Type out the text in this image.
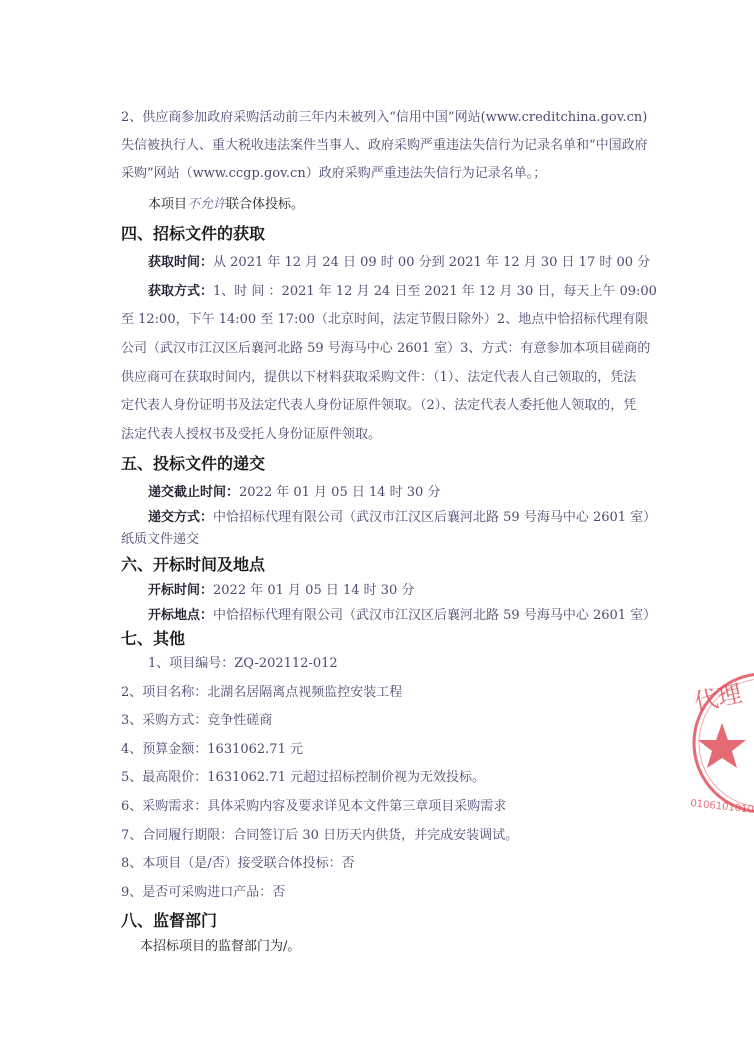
2、供应商参加政府采购活动前三年内未被列入“信用中国”网站(www.creditchina.gov.cn)
失信被执行人、重大税收违法案件当事人、政府采购严重违法失信行为记录名单和“中国政府
采购”网站（www.ccgp.gov.cn）政府采购严重违法失信行为记录名单。；
本项目不允许联合体投标。
四、招标文件的获取
获取时间：从 2021 年 12 月 24 日 09 时 00 分到 2021 年 12 月 30 日 17 时 00 分
获取方式：1、时 间 ：2021 年 12 月 24 日至 2021 年 12 月 30 日，每天上午 09:00
至 12:00，下午 14:00 至 17:00（北京时间，法定节假日除外）2、地点中恰招标代理有限
公司（武汉市江汉区后襄河北路 59 号海马中心 2601 室）3、方式：有意参加本项目磋商的
供应商可在获取时间内，提供以下材料获取采购文件：（1）、法定代表人自己领取的，凭法
定代表人身份证明书及法定代表人身份证原件领取。（2）、法定代表人委托他人领取的，凭
法定代表人授权书及受托人身份证原件领取。
五、投标文件的递交
递交截止时间：2022 年 01 月 05 日 14 时 30 分
递交方式：中恰招标代理有限公司（武汉市江汉区后襄河北路 59 号海马中心 2601 室）
纸质文件递交
六、开标时间及地点
开标时间：2022 年 01 月 05 日 14 时 30 分
开标地点：中恰招标代理有限公司（武汉市江汉区后襄河北路 59 号海马中心 2601 室）
七、其他
1、项目编号：ZQ-202112-012
2、项目名称：北湖名居隔离点视频监控安装工程
3、采购方式：竞争性磋商
4、预算金额：1631062.71 元
5、最高限价：1631062.71 元超过招标控制价视为无效投标。
6、采购需求：具体采购内容及要求详见本文件第三章项目采购需求
7、合同履行期限：合同签订后 30 日历天内供货，并完成安装调试。
8、本项目（是/否）接受联合体投标：否
9、是否可采购进口产品：否
八、监督部门
本招标项目的监督部门为/。
代理
0106101010
